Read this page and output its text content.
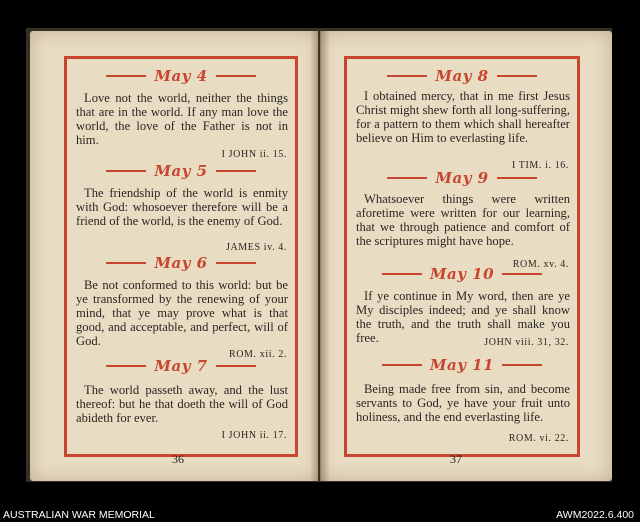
May 4
Love not the world, neither the things that are in the world. If any man love the world, the love of the Father is not in him.
I JOHN ii. 15.
May 5
The friendship of the world is enmity with God: whosoever therefore will be a friend of the world, is the enemy of God.
JAMES iv. 4.
May 6
Be not conformed to this world: but be ye transformed by the renewing of your mind, that ye may prove what is that good, and acceptable, and perfect, will of God.
ROM. xii. 2.
May 7
The world passeth away, and the lust thereof: but he that doeth the will of God abideth for ever.
I JOHN ii. 17.
36
May 8
I obtained mercy, that in me first Jesus Christ might shew forth all long-suffering, for a pattern to them which shall hereafter believe on Him to everlasting life.
I TIM. i. 16.
May 9
Whatsoever things were written aforetime were written for our learning, that we through patience and comfort of the scriptures might have hope.
ROM. xv. 4.
May 10
If ye continue in My word, then are ye My disciples indeed; and ye shall know the truth, and the truth shall make you free.	JOHN viii. 31, 32.
May 11
Being made free from sin, and become servants to God, ye have your fruit unto holiness, and the end everlasting life.
ROM. vi. 22.
37
AUSTRALIAN WAR MEMORIAL	AWM2022.6.400
